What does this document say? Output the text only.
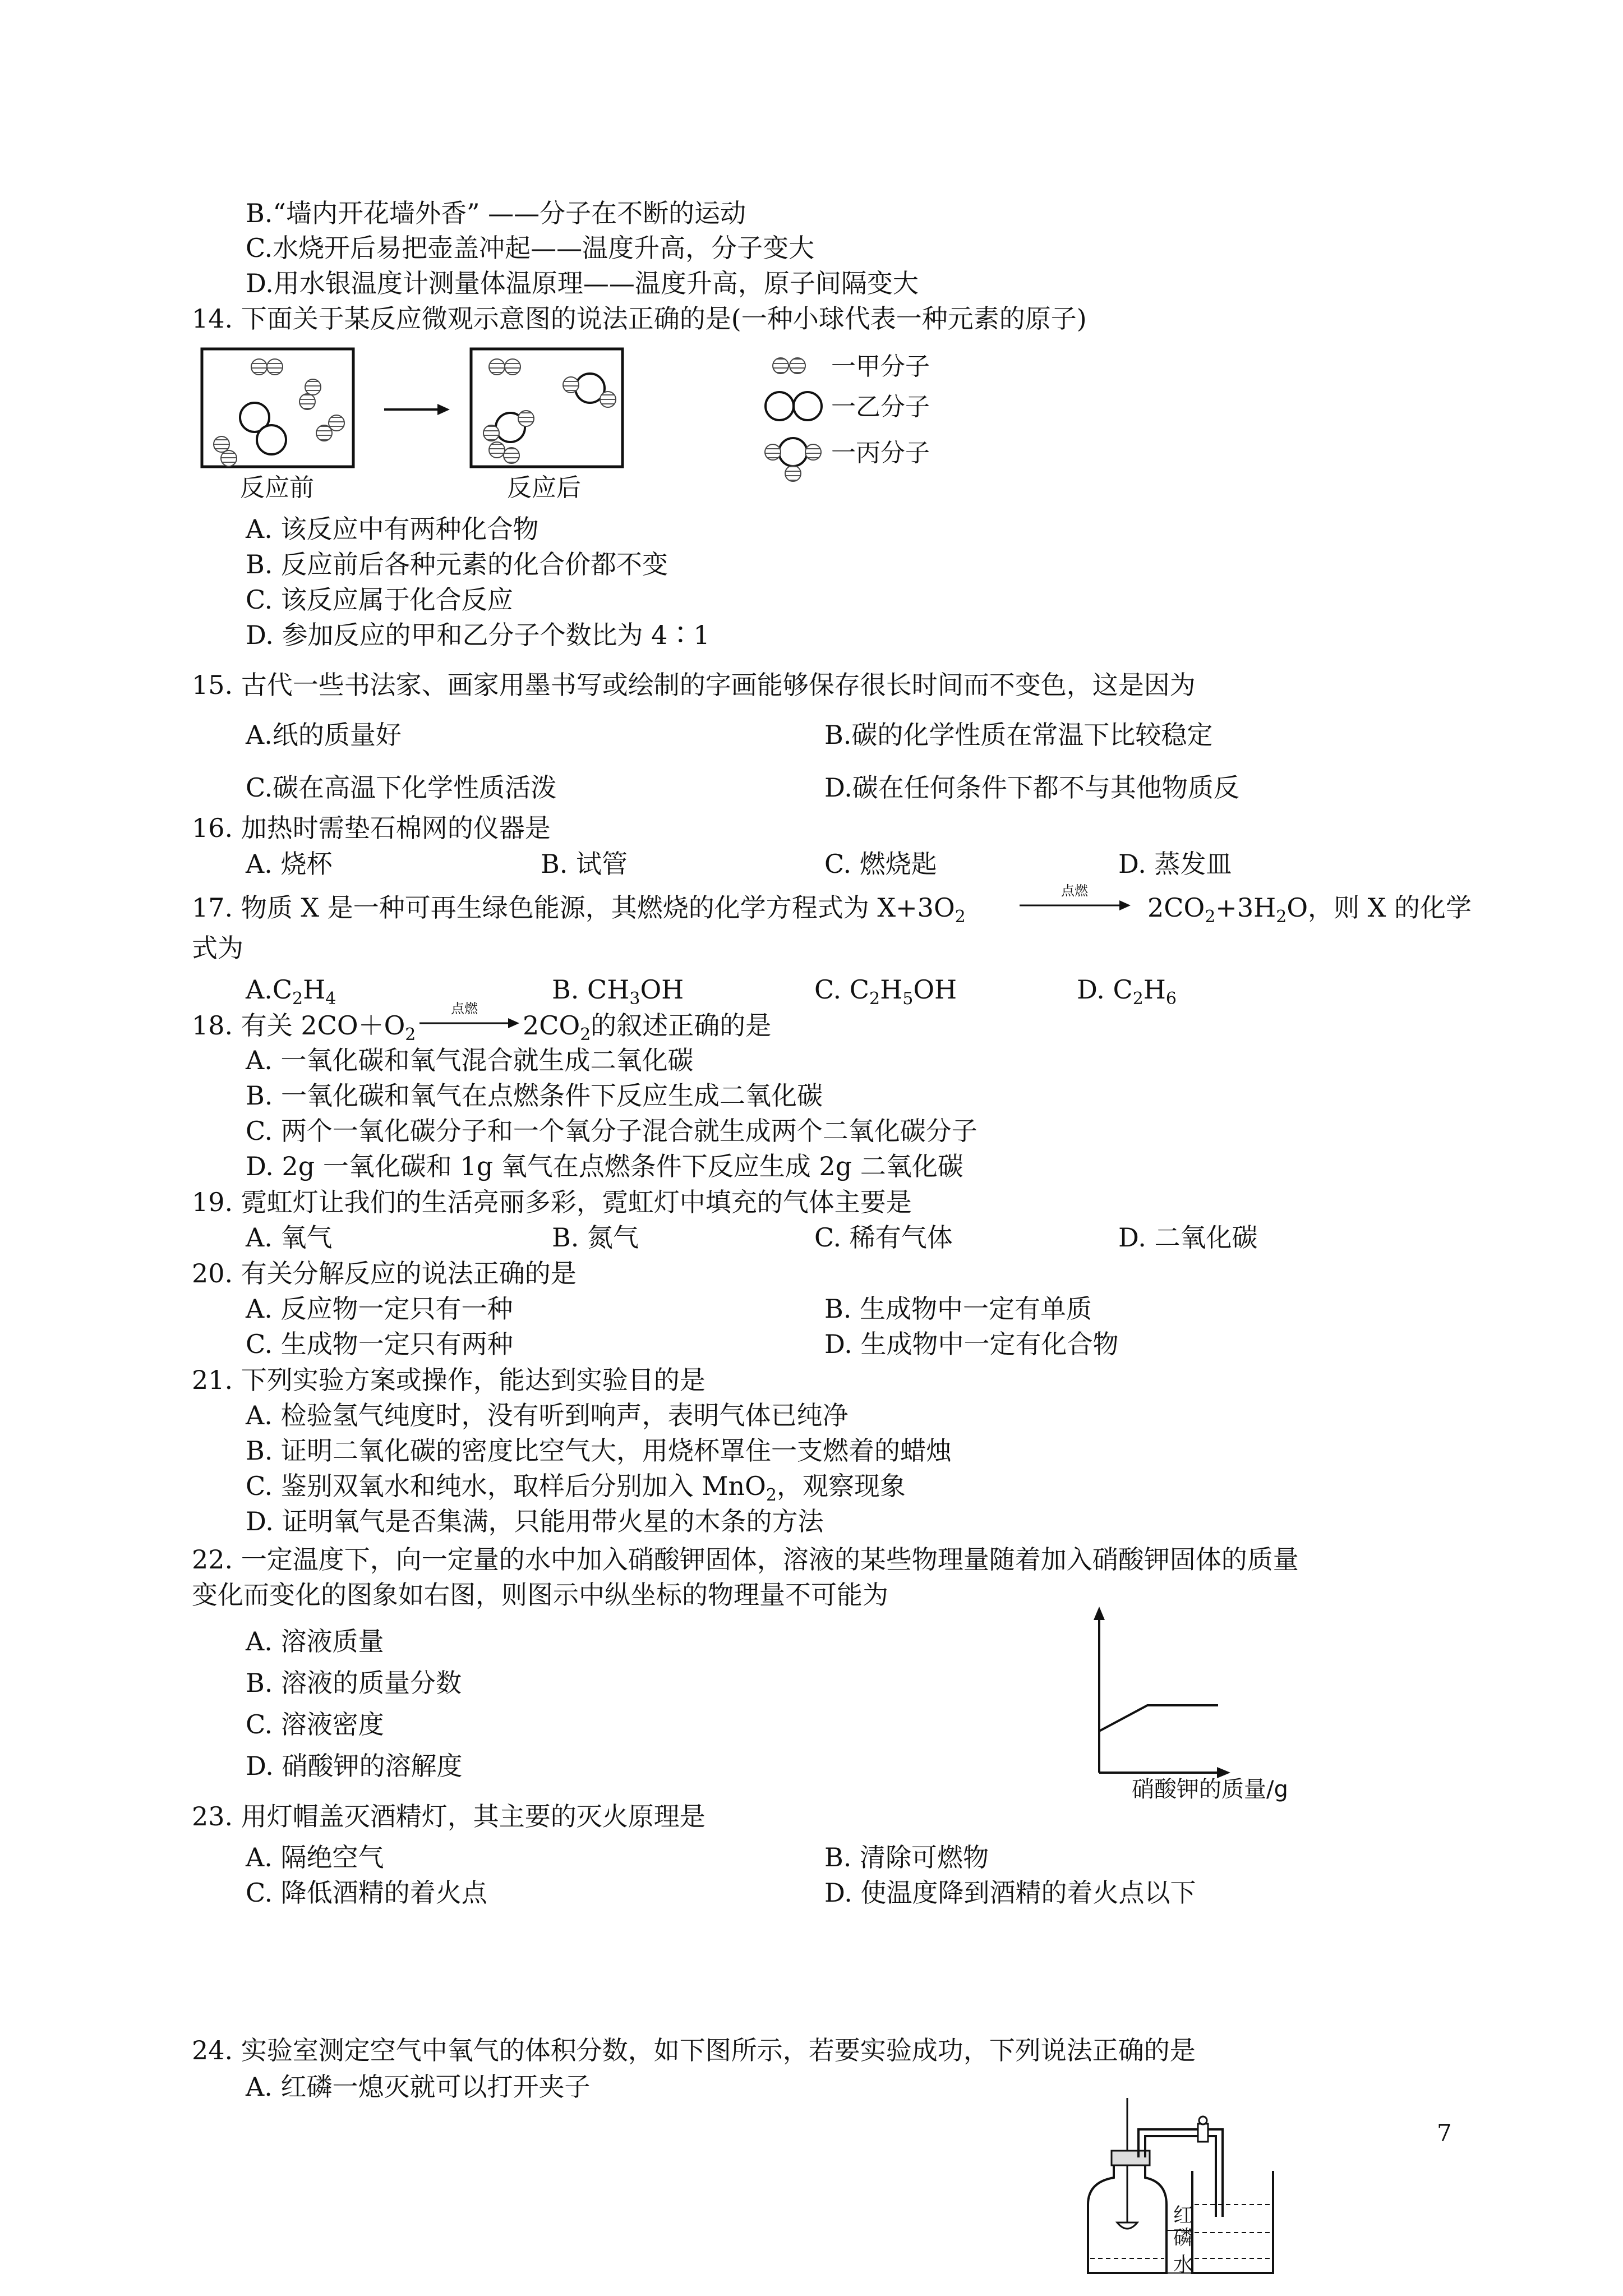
B.“墙内开花墙外香” ——分子在不断的运动
C.水烧开后易把壶盖冲起——温度升高，分子变大
D.用水银温度计测量体温原理——温度升高，原子间隔变大
14. 下面关于某反应微观示意图的说法正确的是(一种小球代表一种元素的原子)
一甲分子
一乙分子
一丙分子
反应前	反应后
A. 该反应中有两种化合物
B. 反应前后各种元素的化合价都不变
C. 该反应属于化合反应
D. 参加反应的甲和乙分子个数比为 4∶1
15. 古代一些书法家、画家用墨书写或绘制的字画能够保存很长时间而不变色，这是因为
A.纸的质量好	B.碳的化学性质在常温下比较稳定
C.碳在高温下化学性质活泼	D.碳在任何条件下都不与其他物质反
16. 加热时需垫石棉网的仪器是
A. 烧杯	B. 试管	C. 燃烧匙	D. 蒸发皿
17. 物质 X 是一种可再生绿色能源，其燃烧的化学方程式为 $X+3O_2$
点燃
$2CO_2+3H_2O$，则 X 的化学
式为
$A.C_2H_4$	B. $CH_3OH$	C. $C_2H_5OH$	D. $C_2H_6$
18. 有关 $2CO+O_2$
点燃
$2CO_2$的叙述正确的是
A. 一氧化碳和氧气混合就生成二氧化碳
B. 一氧化碳和氧气在点燃条件下反应生成二氧化碳
C. 两个一氧化碳分子和一个氧分子混合就生成两个二氧化碳分子
D. 2g 一氧化碳和 1g 氧气在点燃条件下反应生成 2g 二氧化碳
19. 霓虹灯让我们的生活亮丽多彩，霓虹灯中填充的气体主要是
A. 氧气	B. 氮气	C. 稀有气体	D. 二氧化碳
20. 有关分解反应的说法正确的是
A. 反应物一定只有一种	B. 生成物中一定有单质
C. 生成物一定只有两种	D. 生成物中一定有化合物
21. 下列实验方案或操作，能达到实验目的是
A. 检验氢气纯度时，没有听到响声，表明气体已纯净
B. 证明二氧化碳的密度比空气大，用烧杯罩住一支燃着的蜡烛
C. 鉴别双氧水和纯水，取样后分别加入 MnO$_2$，观察现象
D. 证明氧气是否集满，只能用带火星的木条的方法
22. 一定温度下，向一定量的水中加入硝酸钾固体，溶液的某些物理量随着加入硝酸钾固体的质量
变化而变化的图象如右图，则图示中纵坐标的物理量不可能为
A. 溶液质量
B. 溶液的质量分数
C. 溶液密度
D. 硝酸钾的溶解度
硝酸钾的质量/g
23. 用灯帽盖灭酒精灯，其主要的灭火原理是
A. 隔绝空气	B. 清除可燃物
C. 降低酒精的着火点	D. 使温度降到酒精的着火点以下
24. 实验室测定空气中氧气的体积分数，如下图所示，若要实验成功，下列说法正确的是
A. 红磷一熄灭就可以打开夹子
红
磷
水
7
